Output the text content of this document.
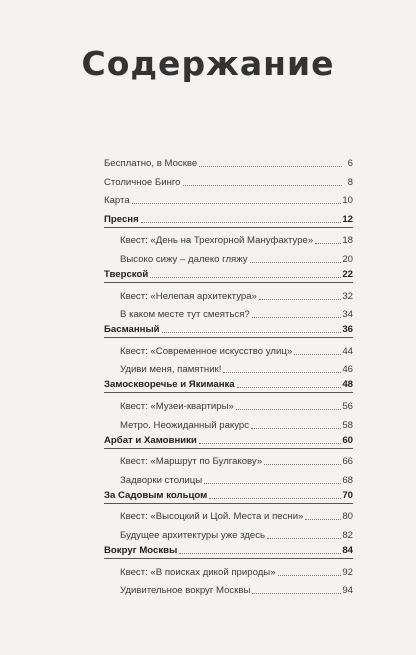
Содержание
Бесплатно, в Москве	6
Столичное Бинго	8
Карта	10
Пресня	12
Квест: «День на Трехгорной Мануфактуре»	18
Высоко сижу – далеко гляжу	20
Тверской	22
Квест: «Нелепая архитектура»	32
В каком месте тут смеяться?	34
Басманный	36
Квест: «Современное искусство улиц»	44
Удиви меня, памятник!	46
Замоскворечье и Якиманка	48
Квест: «Музеи-квартиры»	56
Метро. Неожиданный ракурс	58
Арбат и Хамовники	60
Квест: «Маршрут по Булгакову»	66
Задворки столицы	68
За Садовым кольцом	70
Квест: «Высоцкий и Цой. Места и песни»	80
Будущее архитектуры уже здесь	82
Вокруг Москвы	84
Квест: «В поисках дикой природы»	92
Удивительное вокруг Москвы	94
